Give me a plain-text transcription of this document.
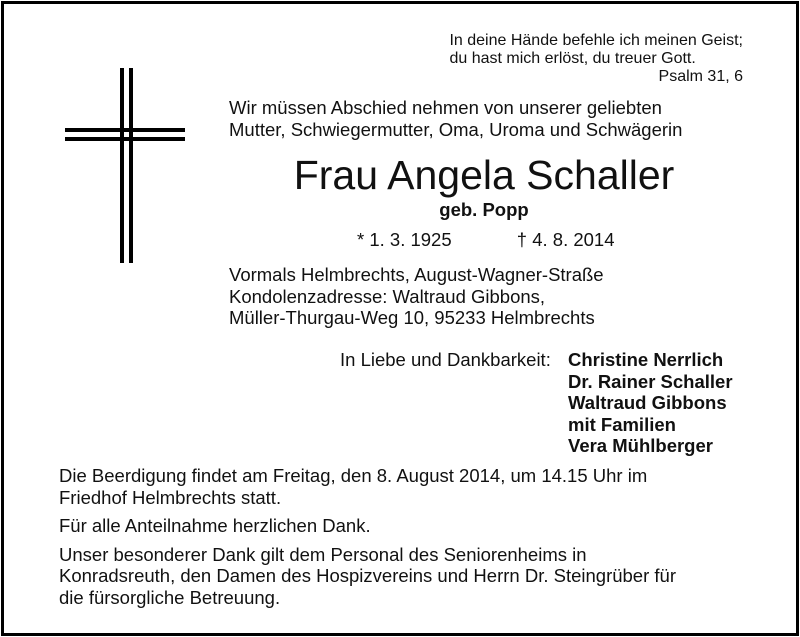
In deine Hände befehle ich meinen Geist;
du hast mich erlöst, du treuer Gott.
Psalm 31, 6
Wir müssen Abschied nehmen von unserer geliebten
Mutter, Schwiegermutter, Oma, Uroma und Schwägerin
Frau Angela Schaller
geb. Popp
* 1. 3. 1925	† 4. 8. 2014
Vormals Helmbrechts, August-Wagner-Straße
Kondolenzadresse: Waltraud Gibbons,
Müller-Thurgau-Weg 10, 95233 Helmbrechts
In Liebe und Dankbarkeit: Christine Nerrlich
Dr. Rainer Schaller
Waltraud Gibbons
mit Familien
Vera Mühlberger

Die Beerdigung findet am Freitag, den 8. August 2014, um 14.15 Uhr im
Friedhof Helmbrechts statt.

Für alle Anteilnahme herzlichen Dank.

Unser besonderer Dank gilt dem Personal des Seniorenheims in
Konradsreuth, den Damen des Hospizvereins und Herrn Dr. Steingrüber für
die fürsorgliche Betreuung.
